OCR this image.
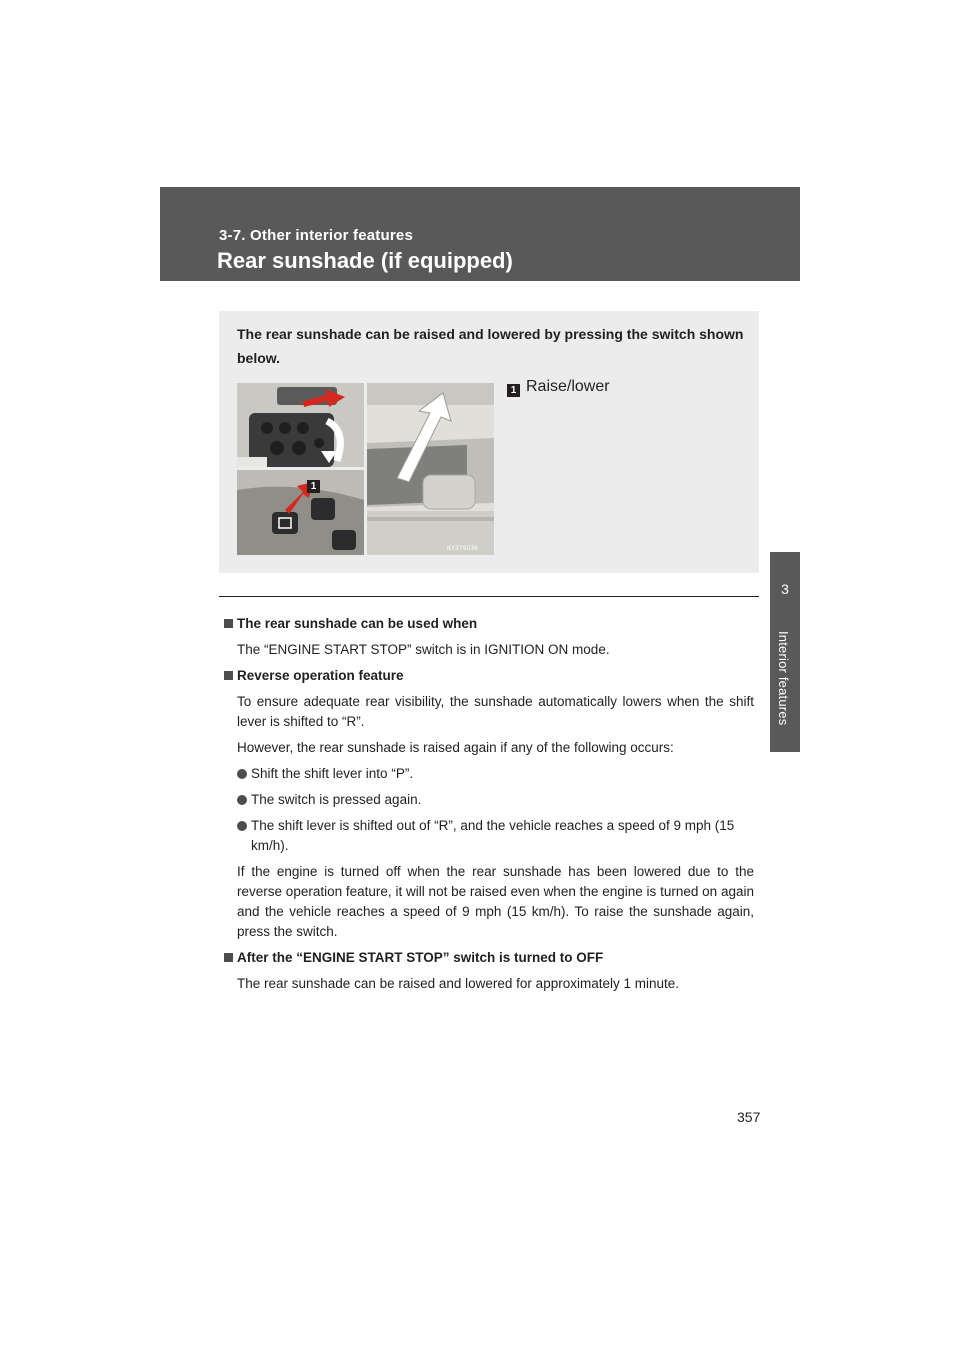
3-7. Other interior features
Rear sunshade (if equipped)
3
Interior features
The rear sunshade can be raised and lowered by pressing the switch shown below.
1
ILY37S036
1 Raise/lower

The rear sunshade can be used when

The “ENGINE START STOP” switch is in IGNITION ON mode.

Reverse operation feature

To ensure adequate rear visibility, the sunshade automatically lowers when the shift lever is shifted to “R”.

However, the rear sunshade is raised again if any of the following occurs:

Shift the shift lever into “P”.
The switch is pressed again.
The shift lever is shifted out of “R”, and the vehicle reaches a speed of 9 mph (15 km/h).

If the engine is turned off when the rear sunshade has been lowered due to the reverse operation feature, it will not be raised even when the engine is turned on again and the vehicle reaches a speed of 9 mph (15 km/h). To raise the sunshade again, press the switch.

After the “ENGINE START STOP” switch is turned to OFF

The rear sunshade can be raised and lowered for approximately 1 minute.

357
